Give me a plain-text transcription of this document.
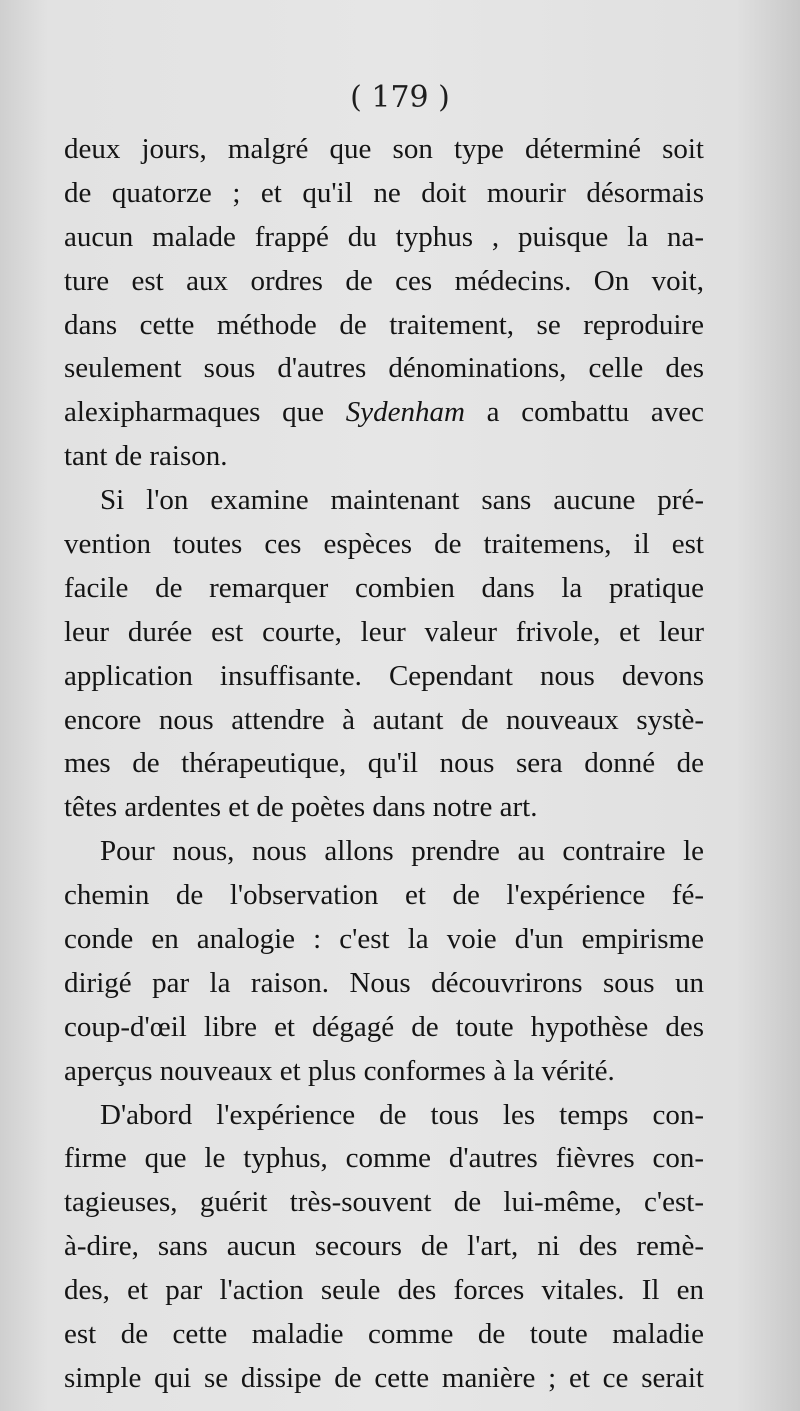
( 179 )
deux jours, malgré que son type déterminé soit
de quatorze ; et qu'il ne doit mourir désormais
aucun malade frappé du typhus , puisque la na-
ture est aux ordres de ces médecins. On voit,
dans cette méthode de traitement, se reproduire
seulement sous d'autres dénominations, celle des
alexipharmaques que Sydenham a combattu avec
tant de raison.
Si l'on examine maintenant sans aucune pré-
vention toutes ces espèces de traitemens, il est
facile de remarquer combien dans la pratique
leur durée est courte, leur valeur frivole, et leur
application insuffisante. Cependant nous devons
encore nous attendre à autant de nouveaux systè-
mes de thérapeutique, qu'il nous sera donné de
têtes ardentes et de poètes dans notre art.
Pour nous, nous allons prendre au contraire le
chemin de l'observation et de l'expérience fé-
conde en analogie : c'est la voie d'un empirisme
dirigé par la raison. Nous découvrirons sous un
coup-d'œil libre et dégagé de toute hypothèse des
aperçus nouveaux et plus conformes à la vérité.
D'abord l'expérience de tous les temps con-
firme que le typhus, comme d'autres fièvres con-
tagieuses, guérit très-souvent de lui-même, c'est-
à-dire, sans aucun secours de l'art, ni des remè-
des, et par l'action seule des forces vitales. Il en
est de cette maladie comme de toute maladie
simple qui se dissipe de cette manière ; et ce serait
